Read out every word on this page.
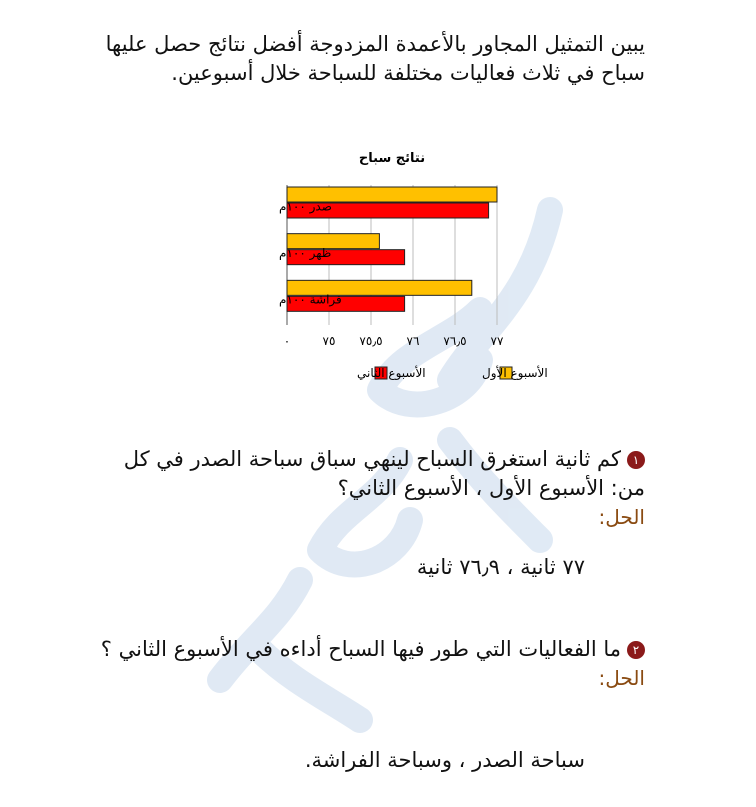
يبين التمثيل المجاور بالأعمدة المزدوجة أفضل نتائج حصل عليها سباح في ثلاث فعاليات مختلفة للسباحة خلال أسبوعين.

نتائج سباح
صدر ١٠٠م
ظهر ١٠٠م
فراشة ١٠٠م
٠	٧٥ ٧٥٫٥ ٧٦ ٧٦٫٥ ٧٧
الأسبوع الأول
الأسبوع الثاني

١كم ثانية استغرق السباح لينهي سباق سباحة الصدر في كل من: الأسبوع الأول ، الأسبوع الثاني؟

الحل:

٧٧ ثانية ، ٧٦٫٩ ثانية

٢ما الفعاليات التي طور فيها السباح أداءه في الأسبوع الثاني ؟

الحل:

سباحة الصدر ، وسباحة الفراشة.
